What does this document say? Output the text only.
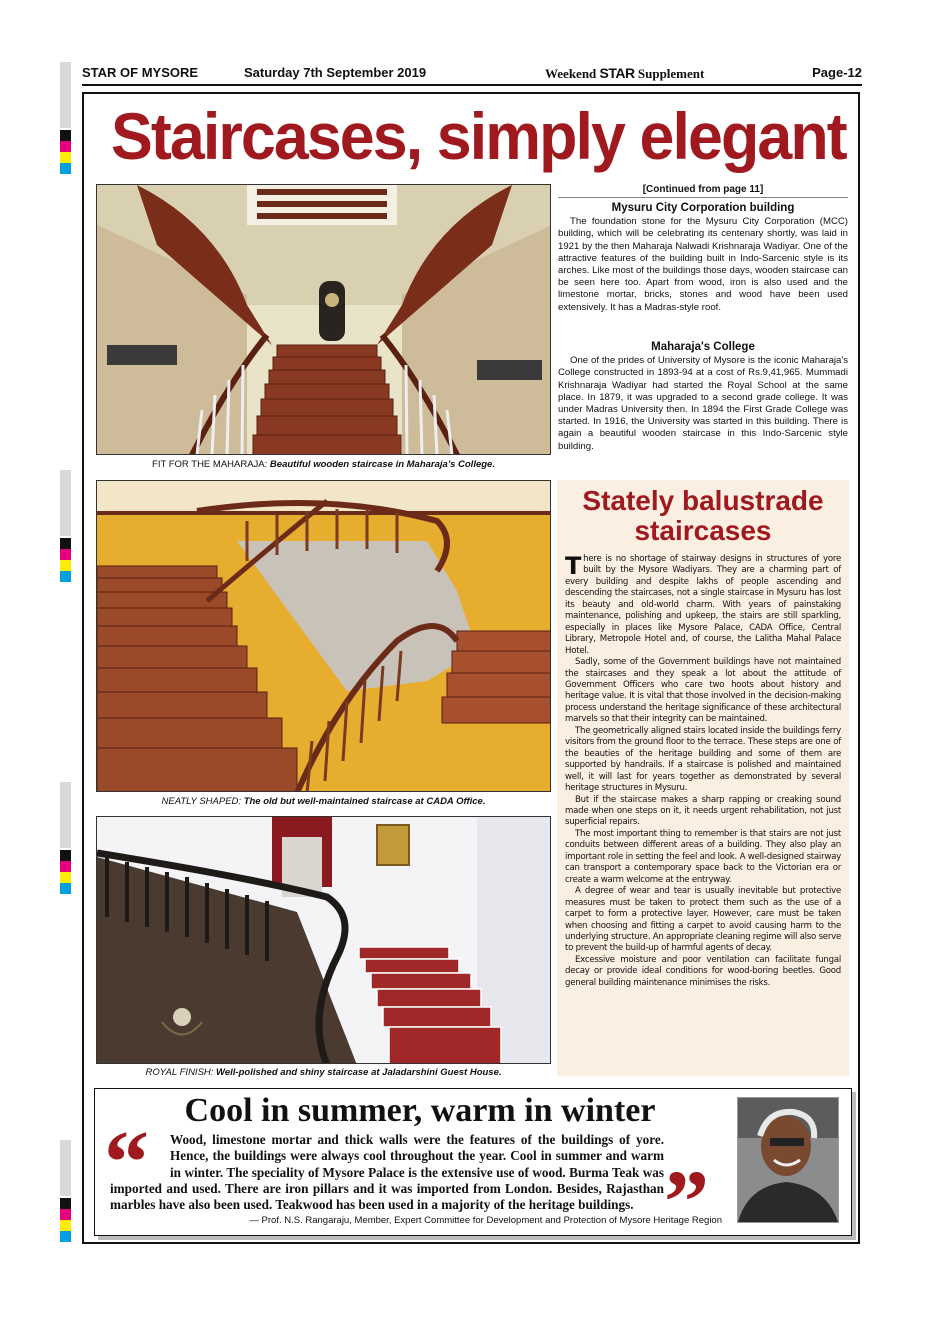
STAR OF MYSORE	Saturday 7th September 2019	Weekend STAR Supplement	Page-12
Staircases, simply elegant
FIT FOR THE MAHARAJA: Beautiful wooden staircase in Maharaja's College.
NEATLY SHAPED: The old but well-maintained staircase at CADA Office.
ROYAL FINISH: Well-polished and shiny staircase at Jaladarshini Guest House.
[Continued from page 11]
Mysuru City Corporation building

The foundation stone for the Mysuru City Corporation (MCC) building, which will be celebrating its centenary shortly, was laid in 1921 by the then Maharaja Nalwadi Krishnaraja Wadiyar. One of the attractive features of the building built in Indo-Sarcenic style is its arches. Like most of the buildings those days, wooden staircase can be seen here too. Apart from wood, iron is also used and the limestone mortar, bricks, stones and wood have been used extensively. It has a Madras-style roof.

Maharaja's College

One of the prides of University of Mysore is the iconic Maharaja's College constructed in 1893-94 at a cost of Rs.9,41,965. Mummadi Krishnaraja Wadiyar had started the Royal School at the same place. In 1879, it was upgraded to a second grade college. It was under Madras University then. In 1894 the First Grade College was started. In 1916, the University was started in this building. There is again a beautiful wooden staircase in this Indo-Sarcenic style building.

Stately balustrade staircases

There is no shortage of stairway designs in structures of yore built by the Mysore Wadiyars. They are a charming part of every building and despite lakhs of people ascending and descending the staircases, not a single staircase in Mysuru has lost its beauty and old-world charm. With years of painstaking maintenance, polishing and upkeep, the stairs are still sparkling, especially in places like Mysore Palace, CADA Office, Central Library, Metropole Hotel and, of course, the Lalitha Mahal Palace Hotel.

Sadly, some of the Government buildings have not maintained the staircases and they speak a lot about the attitude of Government Officers who care two hoots about history and heritage value. It is vital that those involved in the decision-making process understand the heritage significance of these architectural marvels so that their integrity can be maintained.

The geometrically aligned stairs located inside the buildings ferry visitors from the ground floor to the terrace. These steps are one of the beauties of the heritage building and some of them are supported by handrails. If a staircase is polished and maintained well, it will last for years together as demonstrated by several heritage structures in Mysuru.

But if the staircase makes a sharp rapping or creaking sound made when one steps on it, it needs urgent rehabilitation, not just superficial repairs.

The most important thing to remember is that stairs are not just conduits between different areas of a building. They also play an important role in setting the feel and look. A well-designed stairway can transport a contemporary space back to the Victorian era or create a warm welcome at the entryway.

A degree of wear and tear is usually inevitable but protective measures must be taken to protect them such as the use of a carpet to form a protective layer. However, care must be taken when choosing and fitting a carpet to avoid causing harm to the underlying structure. An appropriate cleaning regime will also serve to prevent the build-up of harmful agents of decay.

Excessive moisture and poor ventilation can facilitate fungal decay or provide ideal conditions for wood-boring beetles. Good general building maintenance minimises the risks.

Cool in summer, warm in winter
“	Wood, limestone mortar and thick walls were the features of the buildings of yore. Hence, the buildings were always cool throughout the year. Cool in summer and warm in winter. The speciality of Mysore Palace is the extensive use of wood. Burma Teak was imported and used. There are iron pillars and it was imported from London. Besides, Rajasthan marbles have also been used. Teakwood has been used in a majority of the heritage buildings. ”
— Prof. N.S. Rangaraju, Member, Expert Committee for Development and Protection of Mysore Heritage Region
